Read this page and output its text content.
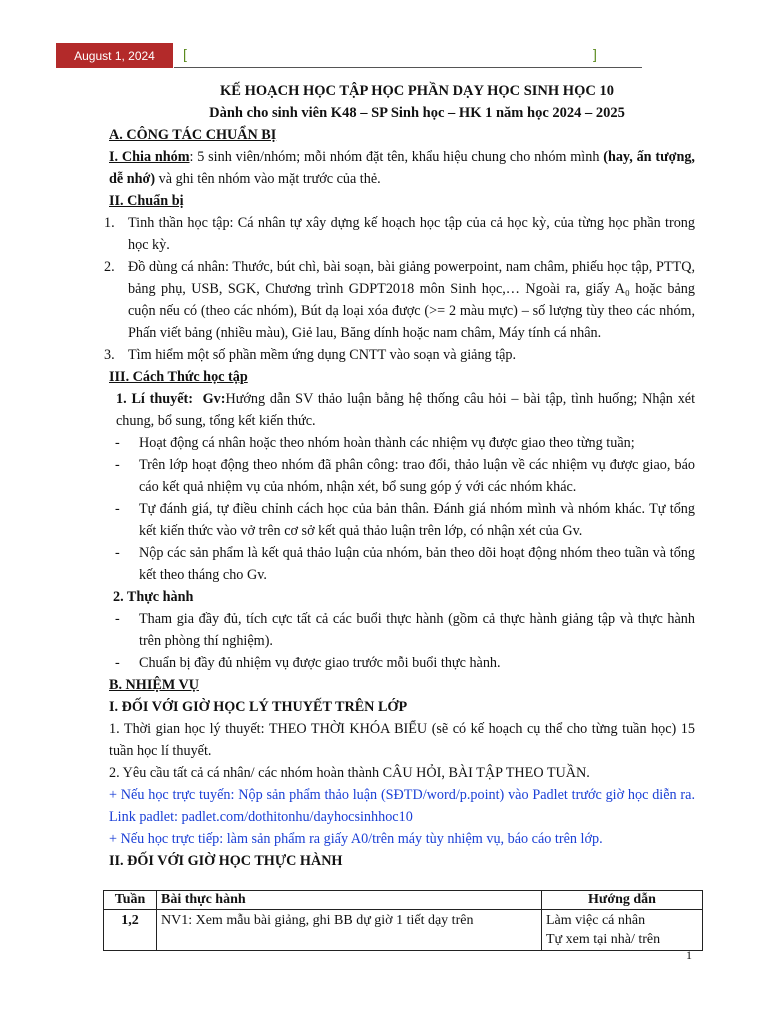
August 1, 2024	[	]

KẾ HOẠCH HỌC TẬP HỌC PHẦN DẠY HỌC SINH HỌC 10

Dành cho sinh viên K48 – SP Sinh học – HK 1 năm học 2024 – 2025

A. CÔNG TÁC CHUẨN BỊ

I. Chia nhóm: 5 sinh viên/nhóm; mỗi nhóm đặt tên, khẩu hiệu chung cho nhóm mình (hay, ấn tượng, dễ nhớ) và ghi tên nhóm vào mặt trước của thẻ.

II. Chuẩn bị

1. Tinh thần học tập: Cá nhân tự xây dựng kế hoạch học tập của cả học kỳ, của từng học phần trong học kỳ.
2. Đồ dùng cá nhân: Thước, bút chì, bài soạn, bài giảng powerpoint, nam châm, phiếu học tập, PTTQ, bảng phụ, USB, SGK, Chương trình GDPT2018 môn Sinh học,… Ngoài ra, giấy A₀ hoặc bảng cuộn nếu có (theo các nhóm), Bút dạ loại xóa được (>= 2 màu mực) – số lượng tùy theo các nhóm, Phấn viết bảng (nhiều màu), Giẻ lau, Băng dính hoặc nam châm, Máy tính cá nhân.
3. Tìm hiểm một số phần mềm ứng dụng CNTT vào soạn và giảng tập.

III. Cách Thức học tập

1. Lí thuyết: Gv:Hướng dẫn SV thảo luận bằng hệ thống câu hỏi – bài tập, tình huống; Nhận xét chung, bổ sung, tổng kết kiến thức.

- Hoạt động cá nhân hoặc theo nhóm hoàn thành các nhiệm vụ được giao theo từng tuần;
- Trên lớp hoạt động theo nhóm đã phân công: trao đổi, thảo luận về các nhiệm vụ được giao, báo cáo kết quả nhiệm vụ của nhóm, nhận xét, bổ sung góp ý với các nhóm khác.
- Tự đánh giá, tự điều chỉnh cách học của bản thân. Đánh giá nhóm mình và nhóm khác. Tự tổng kết kiến thức vào vở trên cơ sở kết quả thảo luận trên lớp, có nhận xét của Gv.
- Nộp các sản phẩm là kết quả thảo luận của nhóm, bản theo dõi hoạt động nhóm theo tuần và tổng kết theo tháng cho Gv.

2. Thực hành

- Tham gia đầy đủ, tích cực tất cả các buổi thực hành (gồm cả thực hành giảng tập và thực hành trên phòng thí nghiệm).
- Chuẩn bị đầy đủ nhiệm vụ được giao trước mỗi buổi thực hành.

B. NHIỆM VỤ

I. ĐỐI VỚI GIỜ HỌC LÝ THUYẾT TRÊN LỚP

1. Thời gian học lý thuyết: THEO THỜI KHÓA BIỂU (sẽ có kế hoạch cụ thể cho từng tuần học) 15 tuần học lí thuyết.

2. Yêu cầu tất cả cá nhân/ các nhóm hoàn thành CÂU HỎI, BÀI TẬP THEO TUẦN.

+ Nếu học trực tuyến: Nộp sản phẩm thảo luận (SĐTD/word/p.point) vào Padlet trước giờ học diễn ra. Link padlet: padlet.com/dothitonhu/dayhocsinhhoc10

+ Nếu học trực tiếp: làm sản phẩm ra giấy A0/trên máy tùy nhiệm vụ, báo cáo trên lớp.

II. ĐỐI VỚI GIỜ HỌC THỰC HÀNH

Tuần	Bài thực hành	Hướng dẫn
1,2	NV1: Xem mẫu bài giảng, ghi BB dự giờ 1 tiết dạy trên	Làm việc cá nhân
Tự xem tại nhà/ trên
1
